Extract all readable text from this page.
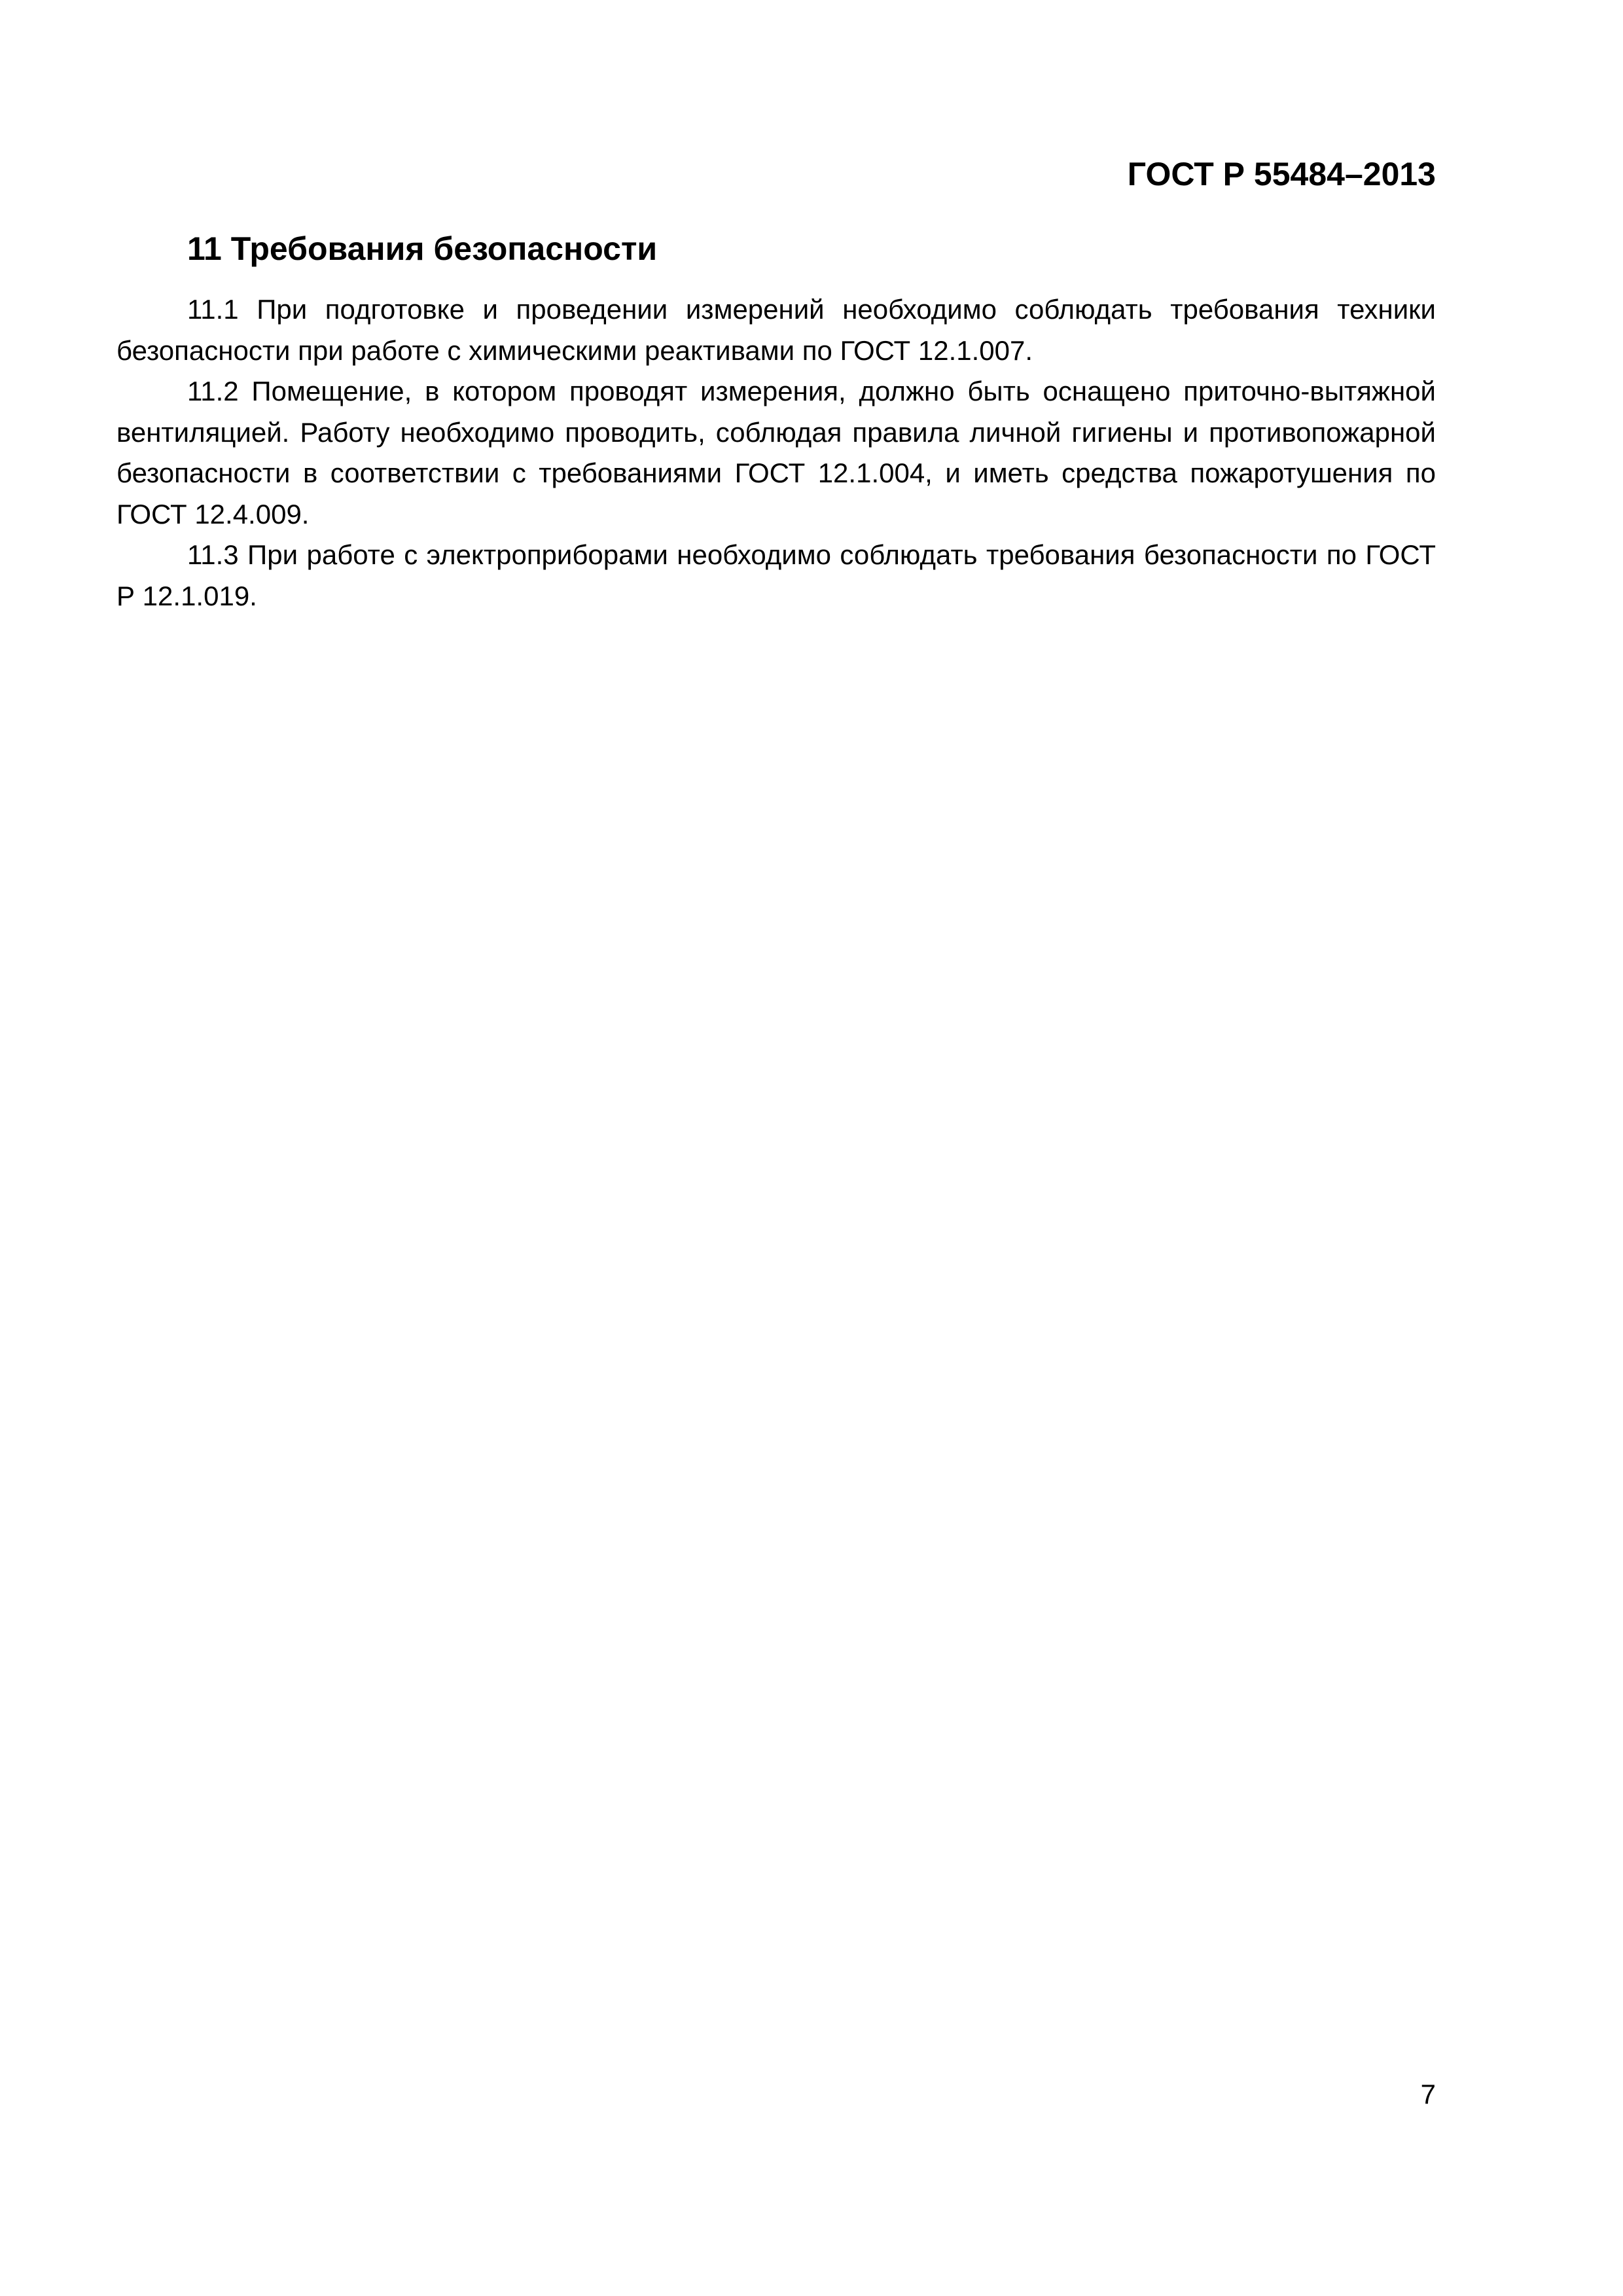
ГОСТ Р 55484–2013

11 Требования безопасности

11.1 При подготовке и проведении измерений необходимо соблюдать требования техники безопасности при работе с химическими реактивами по ГОСТ 12.1.007.

11.2 Помещение, в котором проводят измерения, должно быть оснащено приточно-вытяжной вентиляцией. Работу необходимо проводить, соблюдая правила личной гигиены и противопожарной безопасности в соответствии с требованиями ГОСТ 12.1.004, и иметь средства пожаротушения по ГОСТ 12.4.009.

11.3 При работе с электроприборами необходимо соблюдать требования безопасности по ГОСТ Р 12.1.019.

7
